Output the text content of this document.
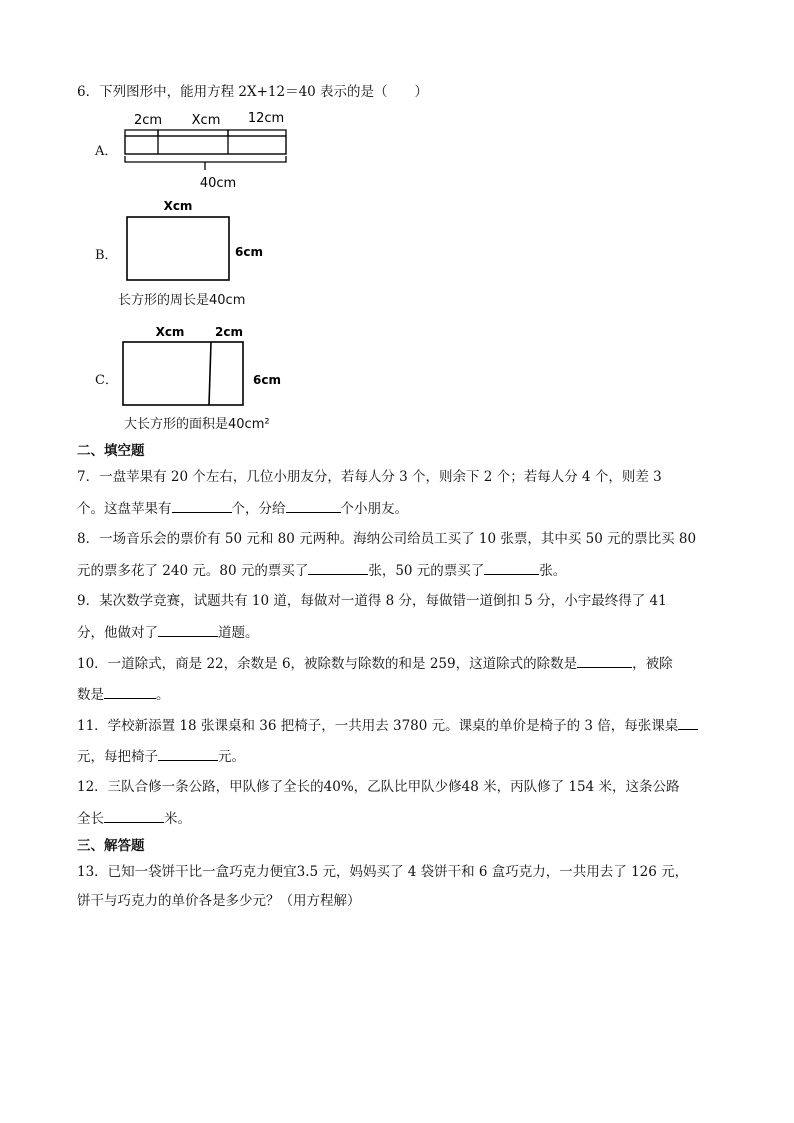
6．下列图形中，能用方程 2X+12＝40 表示的是（　　）
A．
2cm Xcm 12cm
40cm
B．
Xcm
6cm
长方形的周长是40cm
C．
Xcm	2cm
6cm
大长方形的面积是40cm²
二、填空题
7．一盘苹果有 20 个左右，几位小朋友分，若每人分 3 个，则余下 2 个；若每人分 4 个，则差 3
个。这盘苹果有	个，分给	个小朋友。
8．一场音乐会的票价有 50 元和 80 元两种。海纳公司给员工买了 10 张票，其中买 50 元的票比买 80
元的票多花了 240 元。80 元的票买了	张，50 元的票买了	张。
9．某次数学竞赛，试题共有 10 道，每做对一道得 8 分，每做错一道倒扣 5 分，小宇最终得了 41
分，他做对了	道题。
10．一道除式，商是 22，余数是 6，被除数与除数的和是 259，这道除式的除数是	，被除
数是	。
11．学校新添置 18 张课桌和 36 把椅子，一共用去 3780 元。课桌的单价是椅子的 3 倍，每张课桌
元，每把椅子	元。
12．三队合修一条公路，甲队修了全长的40%，乙队比甲队少修48 米，丙队修了 154 米，这条公路
全长	米。
三、解答题
13．已知一袋饼干比一盒巧克力便宜3.5 元，妈妈买了 4 袋饼干和 6 盒巧克力，一共用去了 126 元，
饼干与巧克力的单价各是多少元？（用方程解）
